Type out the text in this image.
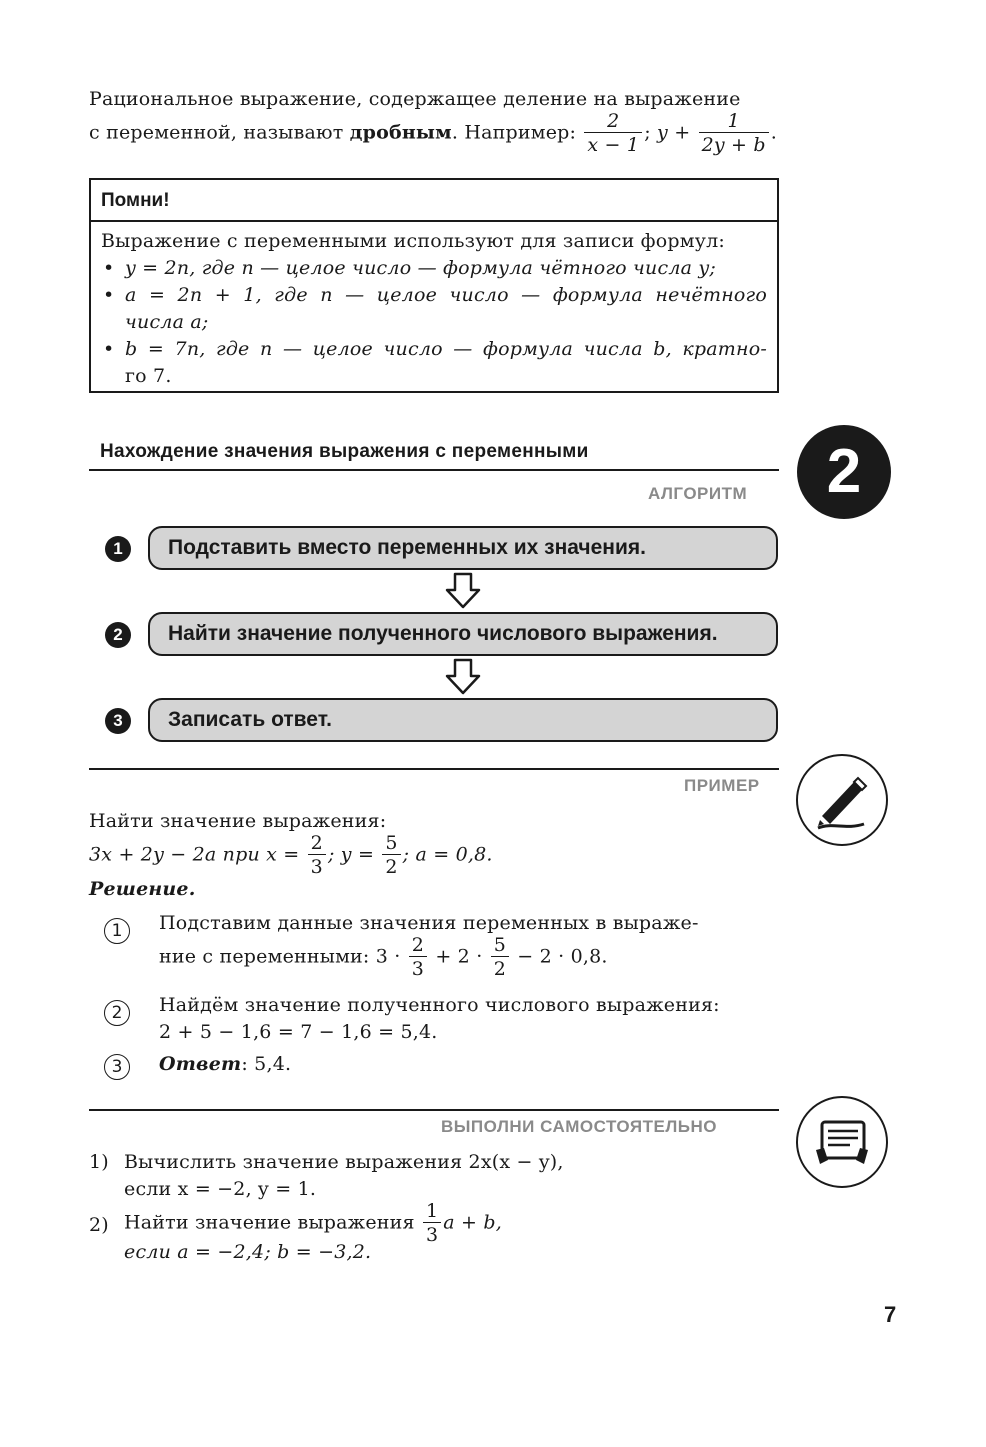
Рациональное выражение, содержащее деление на выражение
с переменной, называют дробным. Например: $\frac{2}{x - 1}$ ; $y + \frac{1}{2y + b}$ .
Помни!
Выражение с переменными используют для записи формул:
• y = 2n, где n — целое число — формула чётного числа y;
• a = 2n + 1, где n — целое число — формула нечётного
числа a;
• b = 7n, где n — целое число — формула числа b, кратно-
го 7.
Нахождение значения выражения с переменными	2
АЛГОРИТМ
1	Подставить вместо переменных их значения.
2	Найти значение полученного числового выражения.
3	Записать ответ.
ПРИМЕР
Найти значение выражения:
3x + 2y − 2a при $x = \frac{2}{3}$ ; $y = \frac{5}{2}$ ; a = 0,8.
Решение.
1	Подставим данные значения переменных в выраже-
ние с переменными: $3 \cdot \frac{2}{3} + 2 \cdot \frac{5}{2} - 2 \cdot 0,8$.
2	Найдём значение полученного числового выражения:
2 + 5 − 1,6 = 7 − 1,6 = 5,4.
3	Ответ: 5,4.
ВЫПОЛНИ САМОСТОЯТЕЛЬНО
1) Вычислить значение выражения 2x(x − y),
если x = −2, y = 1.
2) Найти значение выражения $\frac{1}{3}$ a + b,
если a = −2,4; b = −3,2.
7
